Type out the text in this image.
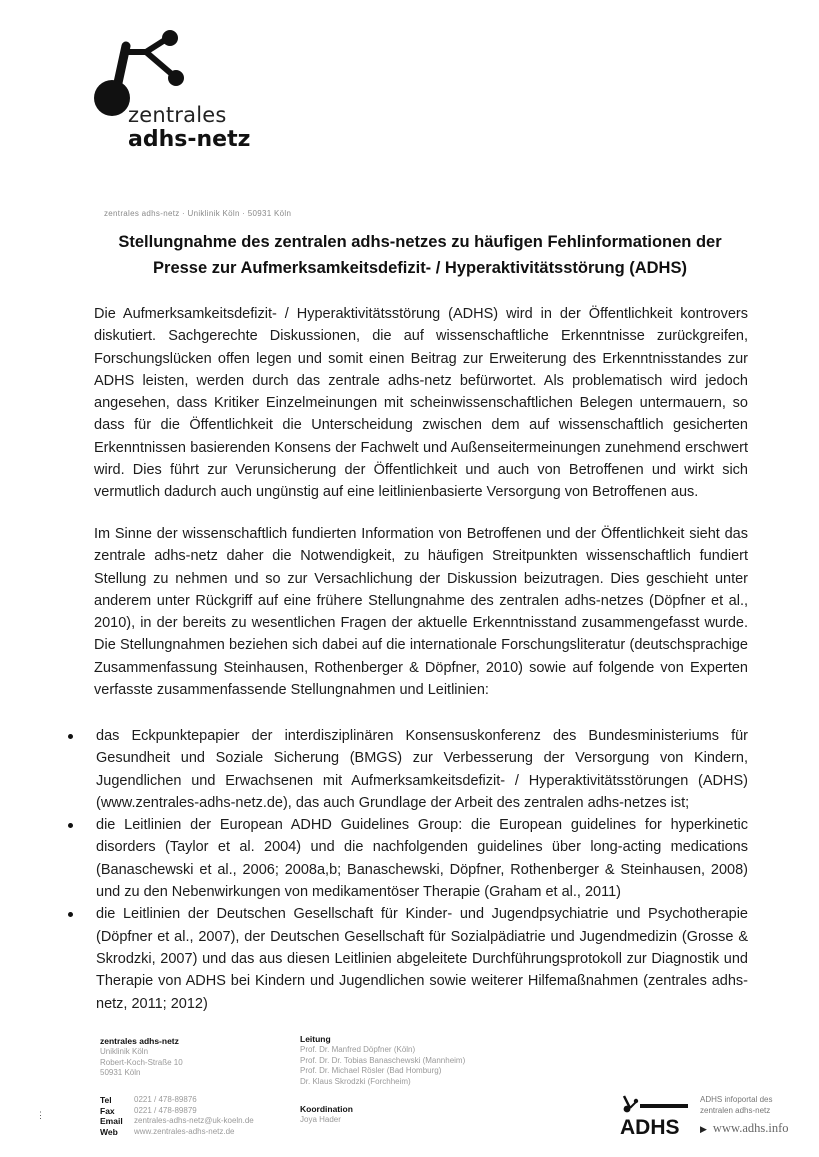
zentrales
adhs-netz
zentrales adhs-netz · Uniklinik Köln · 50931 Köln
Stellungnahme des zentralen adhs-netzes zu häufigen Fehlinformationen der
Presse zur Aufmerksamkeitsdefizit- / Hyperaktivitätsstörung (ADHS)
Die Aufmerksamkeitsdefizit- / Hyperaktivitätsstörung (ADHS) wird in der Öffentlichkeit kontrovers diskutiert. Sachgerechte Diskussionen, die auf wissenschaftliche Erkenntnisse zurückgreifen, Forschungslücken offen legen und somit einen Beitrag zur Erweiterung des Erkenntnisstandes zur ADHS leisten, werden durch das zentrale adhs-netz befürwortet. Als problematisch wird jedoch angesehen, dass Kritiker Einzelmeinungen mit scheinwissenschaftlichen Belegen untermauern, so dass für die Öffentlichkeit die Unterscheidung zwischen dem auf wissenschaftlich gesicherten Erkenntnissen basierenden Konsens der Fachwelt und Außenseitermeinungen zunehmend erschwert wird. Dies führt zur Verunsicherung der Öffentlichkeit und auch von Betroffenen und wirkt sich vermutlich dadurch auch ungünstig auf eine leitlinienbasierte Versorgung von Betroffenen aus.
Im Sinne der wissenschaftlich fundierten Information von Betroffenen und der Öffentlichkeit sieht das zentrale adhs-netz daher die Notwendigkeit, zu häufigen Streitpunkten wissenschaftlich fundiert Stellung zu nehmen und so zur Versachlichung der Diskussion beizutragen. Dies geschieht unter anderem unter Rückgriff auf eine frühere Stellungnahme des zentralen adhs-netzes (Döpfner et al., 2010), in der bereits zu wesentlichen Fragen der aktuelle Erkenntnisstand zusammengefasst wurde. Die Stellungnahmen beziehen sich dabei auf die internationale Forschungsliteratur (deutschsprachige Zusammenfassung Steinhausen, Rothenberger & Döpfner, 2010) sowie auf folgende von Experten verfasste zusammenfassende Stellungnahmen und Leitlinien:
das Eckpunktepapier der interdisziplinären Konsensuskonferenz des Bundesministeriums für Gesundheit und Soziale Sicherung (BMGS) zur Verbesserung der Versorgung von Kindern, Jugendlichen und Erwachsenen mit Aufmerksamkeitsdefizit- / Hyperaktivitätsstörungen (ADHS) (www.zentrales-adhs-netz.de), das auch Grundlage der Arbeit des zentralen adhs-netzes ist;
die Leitlinien der European ADHD Guidelines Group: die European guidelines for hyperkinetic disorders (Taylor et al. 2004) und die nachfolgenden guidelines über long-acting medications (Banaschewski et al., 2006; 2008a,b; Banaschewski, Döpfner, Rothenberger & Steinhausen, 2008) und zu den Nebenwirkungen von medikamentöser Therapie (Graham et al., 2011)
die Leitlinien der Deutschen Gesellschaft für Kinder- und Jugendpsychiatrie und Psychotherapie (Döpfner et al., 2007), der Deutschen Gesellschaft für Sozialpädiatrie und Jugendmedizin (Grosse & Skrodzki, 2007) und das aus diesen Leitlinien abgeleitete Durchführungsprotokoll zur Diagnostik und Therapie von ADHS bei Kindern und Jugendlichen sowie weiterer Hilfemaßnahmen (zentrales adhs-netz, 2011; 2012)
zentrales adhs-netz
Uniklinik Köln
Robert-Koch-Straße 10
50931 Köln
Tel
Fax
Email
Web
0221 / 478-89876
0221 / 478-89879
zentrales-adhs-netz@uk-koeln.de
www.zentrales-adhs-netz.de
Leitung
Prof. Dr. Manfred Döpfner (Köln)
Prof. Dr. Dr. Tobias Banaschewski (Mannheim)
Prof. Dr. Michael Rösler (Bad Homburg)
Dr. Klaus Skrodzki (Forchheim)
Koordination
Joya Hader	ADHS
ADHS infoportal des
zentralen adhs-netz
▶ www.adhs.info
⋮
